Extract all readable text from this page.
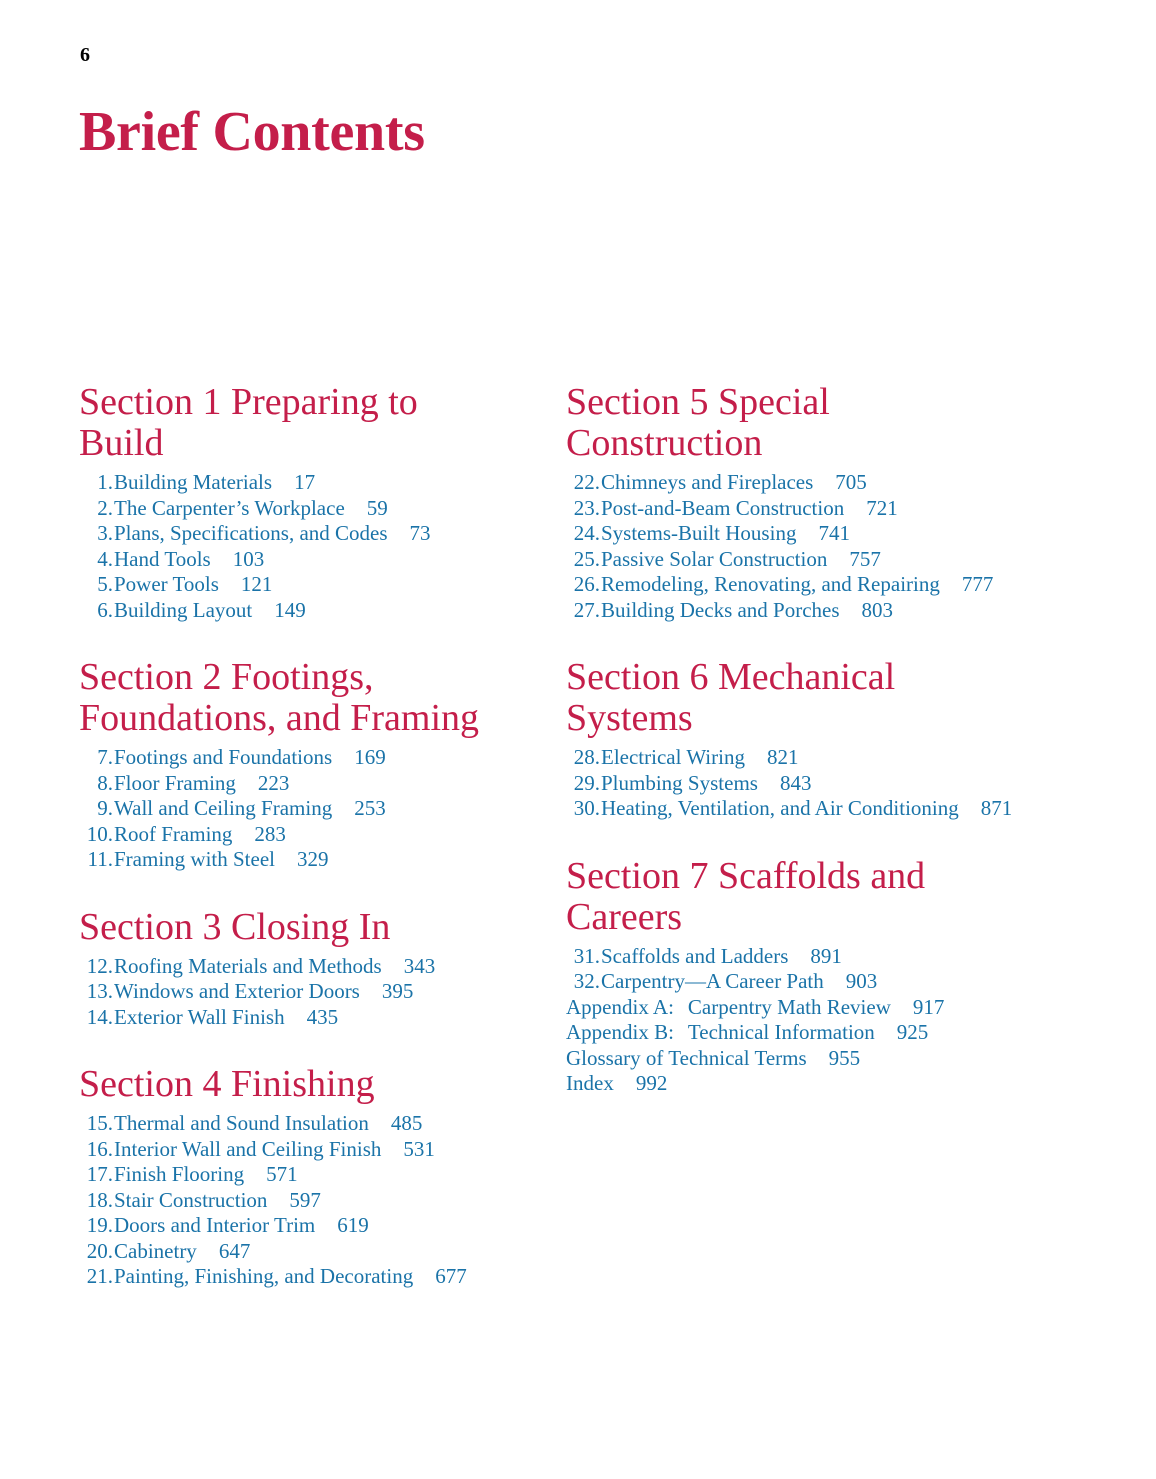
6
Brief Contents
Section 1 Preparing to
Build
1. Building Materials 17
2. The Carpenter’s Workplace 59
3. Plans, Specifications, and Codes 73
4. Hand Tools 103
5. Power Tools 121
6. Building Layout 149
Section 2 Footings,
Foundations, and Framing
7. Footings and Foundations 169
8. Floor Framing 223
9. Wall and Ceiling Framing 253
10. Roof Framing 283
11. Framing with Steel 329
Section 3 Closing In
12. Roofing Materials and Methods 343
13. Windows and Exterior Doors 395
14. Exterior Wall Finish 435
Section 4 Finishing
15. Thermal and Sound Insulation 485
16. Interior Wall and Ceiling Finish 531
17. Finish Flooring 571
18. Stair Construction 597
19. Doors and Interior Trim 619
20. Cabinetry 647
21. Painting, Finishing, and Decorating 677
Section 5 Special
Construction
22. Chimneys and Fireplaces 705
23. Post-and-Beam Construction 721
24. Systems-Built Housing 741
25. Passive Solar Construction 757
26. Remodeling, Renovating, and Repairing 777
27. Building Decks and Porches 803
Section 6 Mechanical
Systems
28. Electrical Wiring 821
29. Plumbing Systems 843
30. Heating, Ventilation, and Air Conditioning 871
Section 7 Scaffolds and
Careers
31. Scaffolds and Ladders 891
32. Carpentry—A Career Path 903
Appendix A: Carpentry Math Review 917
Appendix B: Technical Information 925
Glossary of Technical Terms 955
Index 992
